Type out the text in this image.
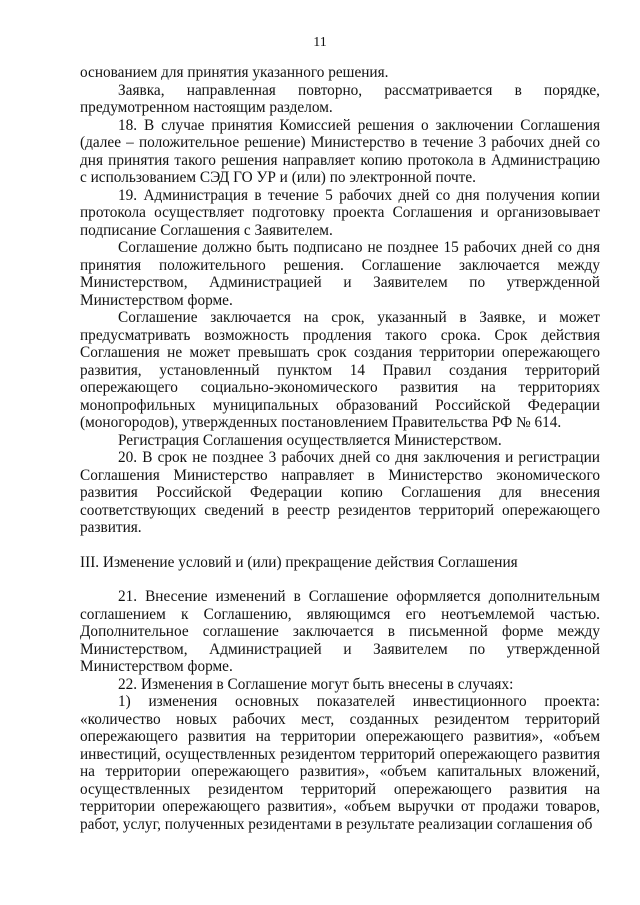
11

основанием для принятия указанного решения.

Заявка, направленная повторно, рассматривается в порядке, предумотренном настоящим разделом.

18. В случае принятия Комиссией решения о заключении Соглашения (далее – положительное решение) Министерство в течение 3 рабочих дней со дня принятия такого решения направляет копию протокола в Администрацию с использованием СЭД ГО УР и (или) по электронной почте.

19. Администрация в течение 5 рабочих дней со дня получения копии протокола осуществляет подготовку проекта Соглашения и организовывает подписание Соглашения с Заявителем.

Соглашение должно быть подписано не позднее 15 рабочих дней со дня принятия положительного решения. Соглашение заключается между Министерством, Администрацией и Заявителем по утвержденной Министерством форме.

Соглашение заключается на срок, указанный в Заявке, и может предусматривать возможность продления такого срока. Срок действия Соглашения не может превышать срок создания территории опережающего развития, установленный пунктом 14 Правил создания территорий опережающего социально-экономического развития на территориях монопрофильных муниципальных образований Российской Федерации (моногородов), утвержденных постановлением Правительства РФ № 614.

Регистрация Соглашения осуществляется Министерством.

20. В срок не позднее 3 рабочих дней со дня заключения и регистрации Соглашения Министерство направляет в Министерство экономического развития Российской Федерации копию Соглашения для внесения соответствующих сведений в реестр резидентов территорий опережающего развития.

III. Изменение условий и (или) прекращение действия Соглашения

21. Внесение изменений в Соглашение оформляется дополнительным соглашением к Соглашению, являющимся его неотъемлемой частью. Дополнительное соглашение заключается в письменной форме между Министерством, Администрацией и Заявителем по утвержденной Министерством форме.

22. Изменения в Соглашение могут быть внесены в случаях:

1) изменения основных показателей инвестиционного проекта: «количество новых рабочих мест, созданных резидентом территорий опережающего развития на территории опережающего развития», «объем инвестиций, осуществленных резидентом территорий опережающего развития на территории опережающего развития», «объем капитальных вложений, осуществленных резидентом территорий опережающего развития на территории опережающего развития», «объем выручки от продажи товаров, работ, услуг, полученных резидентами в результате реализации соглашения об
